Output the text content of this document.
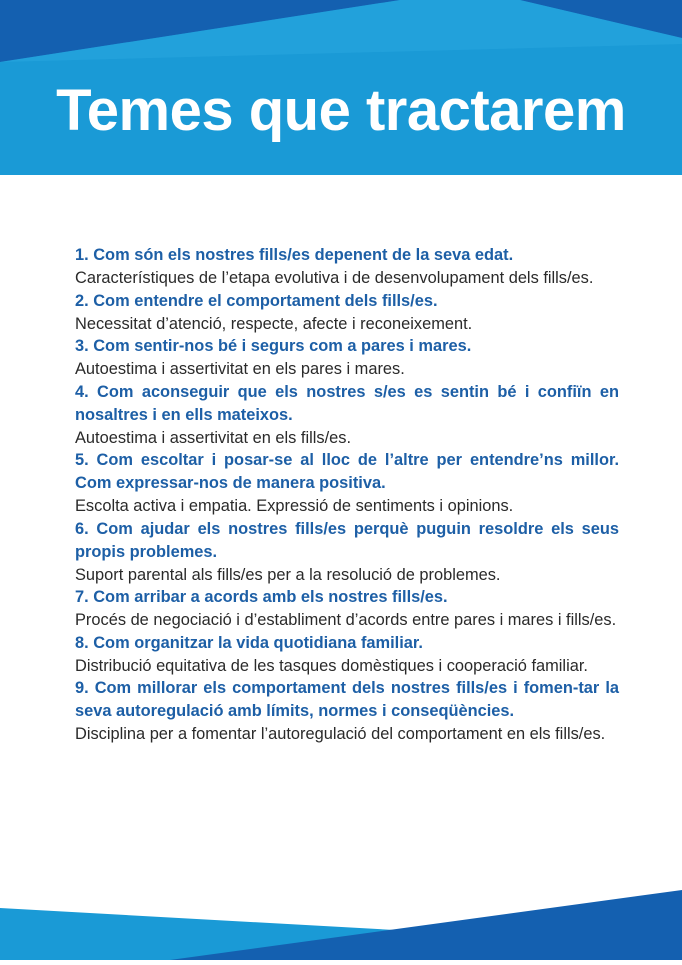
Temes que tractarem

1. Com són els nostres fills/es depenent de la seva edat.

Característiques de l’etapa evolutiva i de desenvolupament dels fills/es.

2. Com entendre el comportament dels fills/es.

Necessitat d’atenció, respecte, afecte i reconeixement.

3. Com sentir-nos bé i segurs com a pares i mares.

Autoestima i assertivitat en els pares i mares.

4. Com aconseguir que els nostres s/es es sentin bé i confiïn en nosaltres i en ells mateixos.

Autoestima i assertivitat en els fills/es.

5. Com escoltar i posar-se al lloc de l’altre per entendre’ns millor. Com expressar-nos de manera positiva.

Escolta activa i empatia. Expressió de sentiments i opinions.

6. Com ajudar els nostres fills/es perquè puguin resoldre els seus propis problemes.

Suport parental als fills/es per a la resolució de problemes.

7. Com arribar a acords amb els nostres fills/es.

Procés de negociació i d’establiment d’acords entre pares i mares i fills/es.

8. Com organitzar la vida quotidiana familiar.

Distribució equitativa de les tasques domèstiques i cooperació familiar.

9. Com millorar els comportament dels nostres fills/es i fomen-tar la seva autoregulació amb límits, normes i conseqüències.

Disciplina per a fomentar l’autoregulació del comportament en els fills/es.
